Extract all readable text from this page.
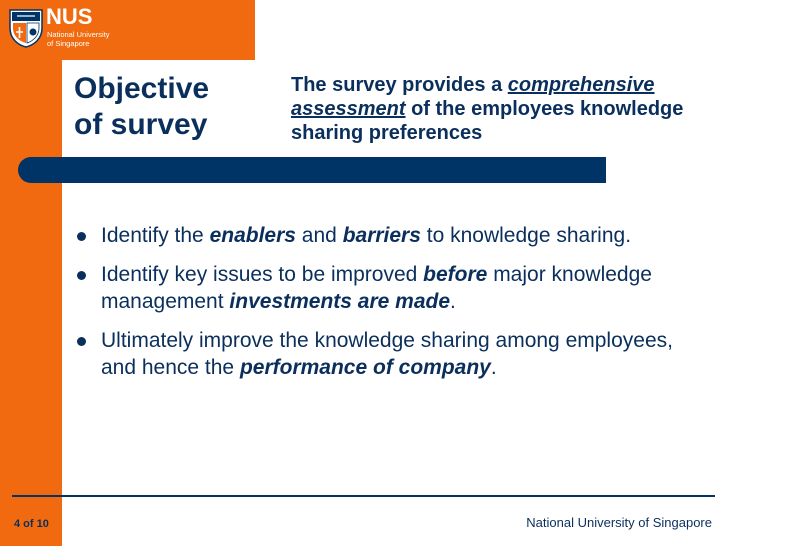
NUS
National University
of Singapore
Objective
of survey

The survey provides a comprehensive assessment of the employees knowledge sharing preferences

Identify the enablers and barriers to knowledge sharing.
Identify key issues to be improved before major knowledge management investments are made.
Ultimately improve the knowledge sharing among employees, and hence the performance of company.
4 of 10	National University of Singapore
